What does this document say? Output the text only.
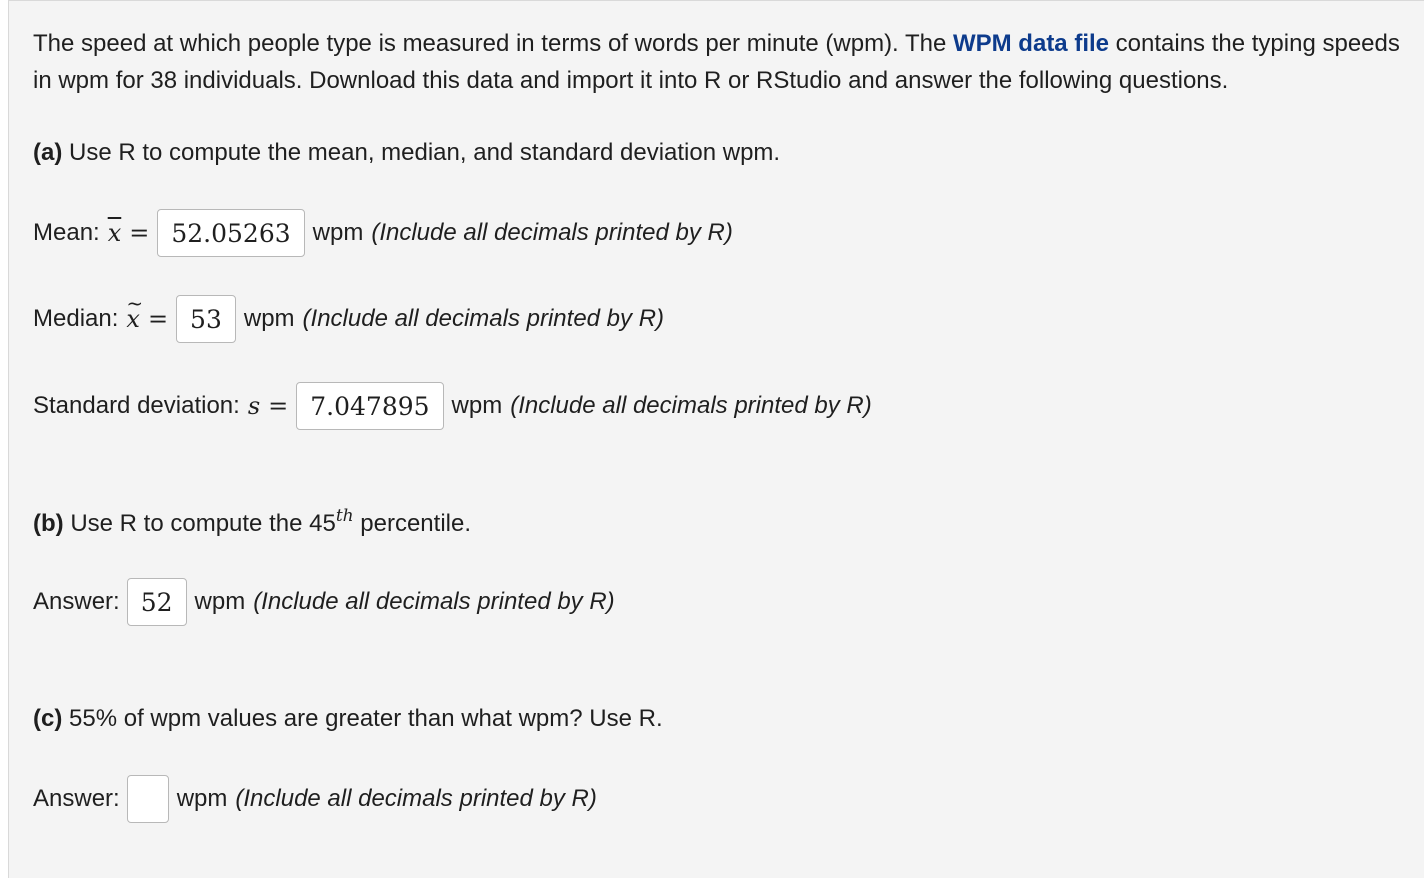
The speed at which people type is measured in terms of words per minute (wpm). The WPM data file contains the typing speeds in wpm for 38 individuals. Download this data and import it into R or RStudio and answer the following questions.

(a) Use R to compute the mean, median, and standard deviation wpm.

Mean: $\overline{x} = 52.05263$ wpm (Include all decimals printed by R)
Median: ~ x = 53 wpm (Include all decimals printed by R)
Standard deviation: s = 7.047895 wpm (Include all decimals printed by R)

(b) Use R to compute the 45th percentile.

Answer: 52 wpm (Include all decimals printed by R)

(c) 55% of wpm values are greater than what wpm? Use R.

Answer: wpm (Include all decimals printed by R)
